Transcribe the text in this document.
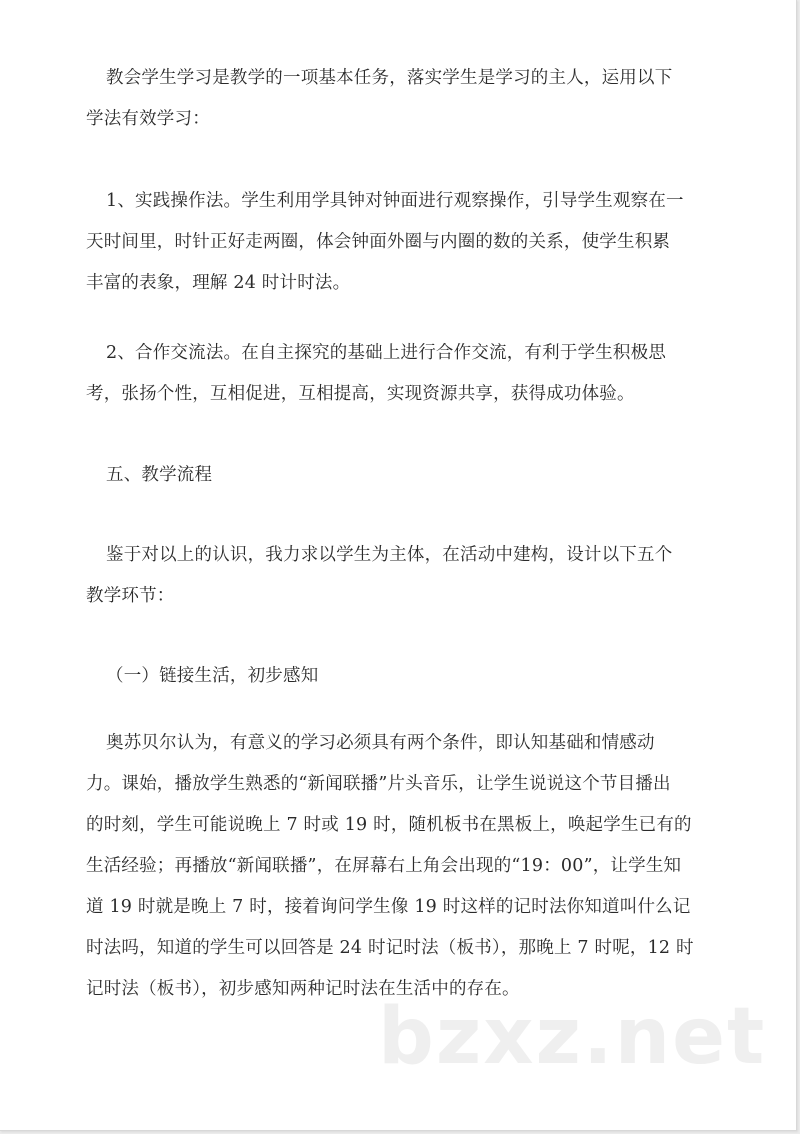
教会学生学习是教学的一项基本任务，落实学生是学习的主人，运用以下
学法有效学习：
1、实践操作法。学生利用学具钟对钟面进行观察操作，引导学生观察在一
天时间里，时针正好走两圈，体会钟面外圈与内圈的数的关系，使学生积累
丰富的表象，理解 24 时计时法。
2、合作交流法。在自主探究的基础上进行合作交流，有利于学生积极思
考，张扬个性，互相促进，互相提高，实现资源共享，获得成功体验。
五、教学流程
鉴于对以上的认识，我力求以学生为主体，在活动中建构，设计以下五个
教学环节：
（一）链接生活，初步感知
奥苏贝尔认为，有意义的学习必须具有两个条件，即认知基础和情感动
力。课始，播放学生熟悉的“新闻联播”片头音乐，让学生说说这个节目播出
的时刻，学生可能说晚上 7 时或 19 时，随机板书在黑板上，唤起学生已有的
生活经验；再播放“新闻联播”，在屏幕右上角会出现的“19：00”，让学生知
道 19 时就是晚上 7 时，接着询问学生像 19 时这样的记时法你知道叫什么记
时法吗，知道的学生可以回答是 24 时记时法（板书），那晚上 7 时呢，12 时
记时法（板书），初步感知两种记时法在生活中的存在。
bzxz.net
